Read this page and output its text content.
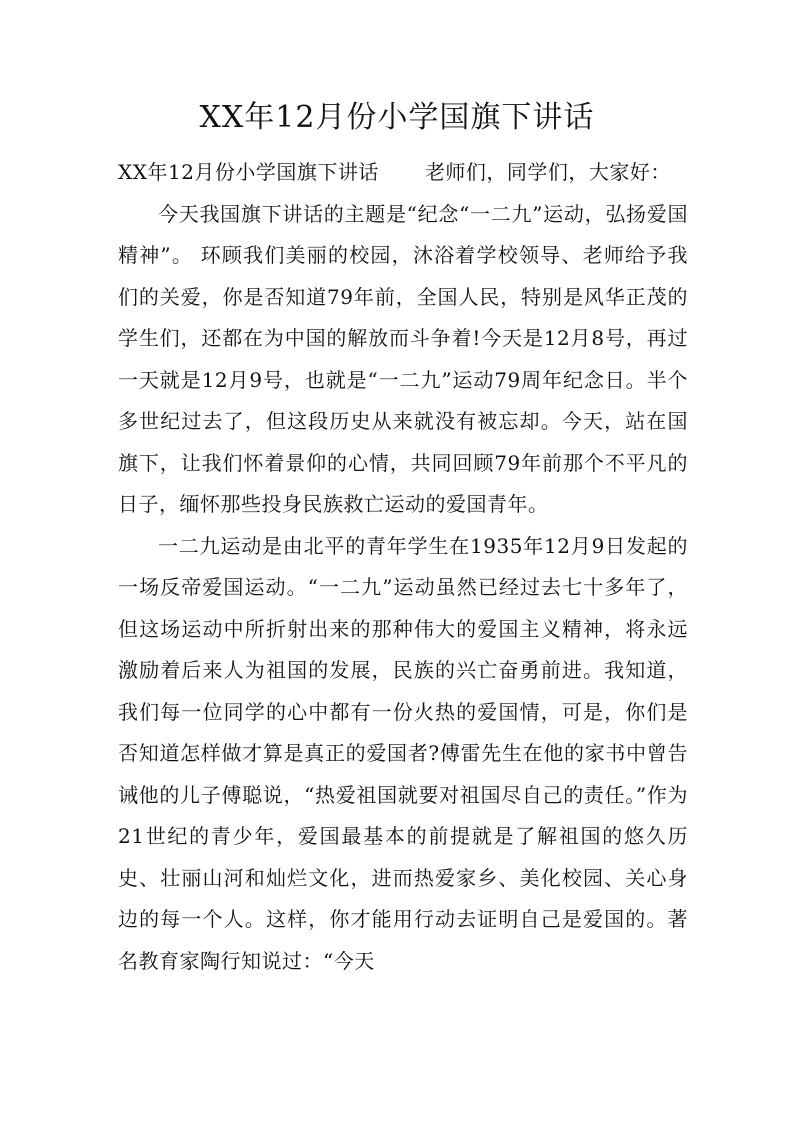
XX年12月份小学国旗下讲话

XX年12月份小学国旗下讲话 老师们，同学们，大家好：

今天我国旗下讲话的主题是“纪念“一二九”运动，弘扬爱国精神”。 环顾我们美丽的校园，沐浴着学校领导、老师给予我们的关爱，你是否知道79年前，全国人民，特别是风华正茂的学生们，还都在为中国的解放而斗争着!今天是12月8号，再过一天就是12月9号，也就是“一二九”运动79周年纪念日。半个多世纪过去了，但这段历史从来就没有被忘却。今天，站在国旗下，让我们怀着景仰的心情，共同回顾79年前那个不平凡的日子，缅怀那些投身民族救亡运动的爱国青年。

一二九运动是由北平的青年学生在1935年12月9日发起的一场反帝爱国运动。“一二九”运动虽然已经过去七十多年了，但这场运动中所折射出来的那种伟大的爱国主义精神，将永远激励着后来人为祖国的发展，民族的兴亡奋勇前进。我知道，我们每一位同学的心中都有一份火热的爱国情，可是，你们是否知道怎样做才算是真正的爱国者?傅雷先生在他的家书中曾告诫他的儿子傅聪说，“热爱祖国就要对祖国尽自己的责任。”作为21世纪的青少年，爱国最基本的前提就是了解祖国的悠久历史、壮丽山河和灿烂文化，进而热爱家乡、美化校园、关心身边的每一个人。这样，你才能用行动去证明自己是爱国的。著名教育家陶行知说过：“今天
